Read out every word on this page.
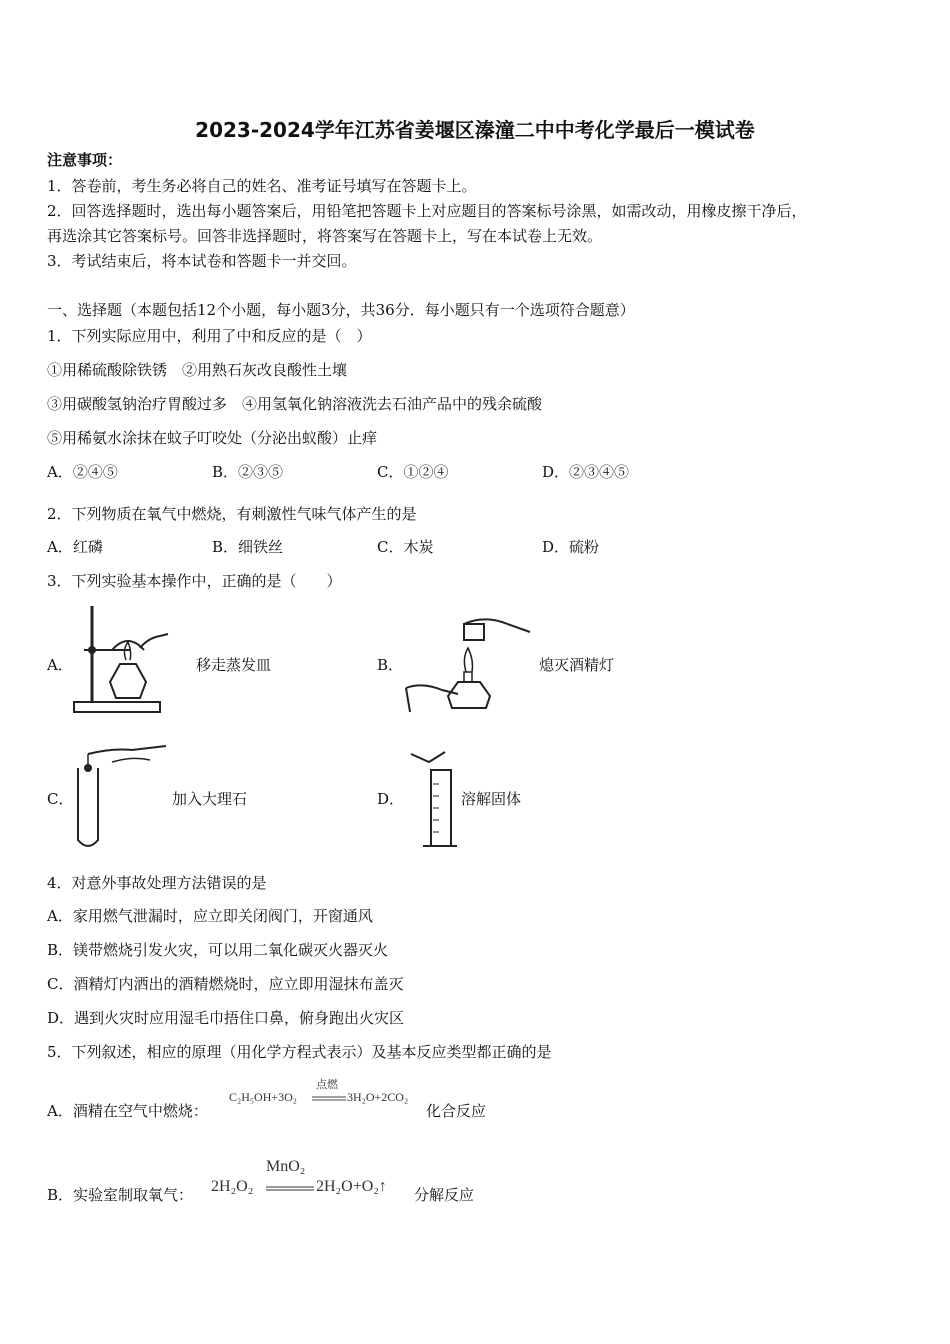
2023-2024学年江苏省姜堰区溱潼二中中考化学最后一模试卷
注意事项：
1．答卷前，考生务必将自己的姓名、准考证号填写在答题卡上。
2．回答选择题时，选出每小题答案后，用铅笔把答题卡上对应题目的答案标号涂黑，如需改动，用橡皮擦干净后，
再选涂其它答案标号。回答非选择题时，将答案写在答题卡上，写在本试卷上无效。
3．考试结束后，将本试卷和答题卡一并交回。
一、选择题（本题包括12个小题，每小题3分，共36分．每小题只有一个选项符合题意）
1．下列实际应用中，利用了中和反应的是（　）
①用稀硫酸除铁锈　②用熟石灰改良酸性土壤
③用碳酸氢钠治疗胃酸过多　④用氢氧化钠溶液洗去石油产品中的残余硫酸
⑤用稀氨水涂抹在蚊子叮咬处（分泌出蚁酸）止痒
A．②④⑤	B．②③⑤	C．①②④	D．②③④⑤
2．下列物质在氧气中燃烧，有刺激性气味气体产生的是
A．红磷	B．细铁丝	C．木炭	D．硫粉
3．下列实验基本操作中，正确的是（　　）
A．	移走蒸发皿	B．	熄灭酒精灯
C．	加入大理石	D．	溶解固体
4．对意外事故处理方法错误的是
A．家用燃气泄漏时，应立即关闭阀门，开窗通风
B．镁带燃烧引发火灾，可以用二氧化碳灭火器灭火
C．酒精灯内洒出的酒精燃烧时，应立即用湿抹布盖灭
D．遇到火灾时应用湿毛巾捂住口鼻，俯身跑出火灾区
5．下列叙述，相应的原理（用化学方程式表示）及基本反应类型都正确的是
A．酒精在空气中燃烧：
C₂H₅OH+3O₂
点燃
3H₂O+2CO₂
化合反应
B．实验室制取氧气： 2H₂O₂
MnO₂
2H₂O+O₂↑ 分解反应
